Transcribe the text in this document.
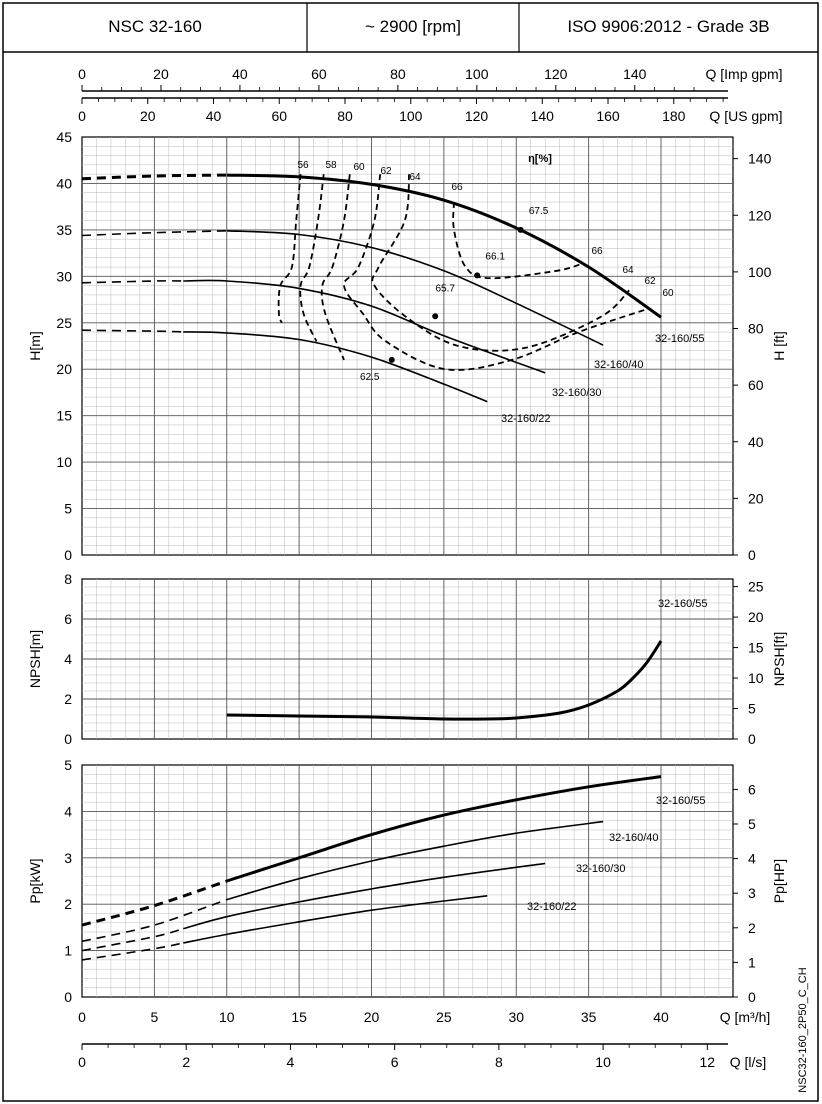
0
5
10
15
20
25
30
35
40
45
0
2
4
6
8
0
1
2
3
4
5
0
20
40
60
80
100
120
140
0
5
10
15
20
25
0
1
2
3
4
5
6
H[m]	H [ft]
NPSH[m]	NPSH[ft]
Pp[kW]	Pp[HP]
0	5	10	15	20	25	30	35	40	Q [m³/h]
0	2	4	6	8	10	12 Q [l/s]
0	20	40	60	80	100	120	140	Q [Imp gpm]
0	20	40	60	80	100	120	140	160	180 Q [US gpm]
32-160/55
32-160/40
32-160/30
32-160/22
56 58 60 62
64
66
66
64
62
60
η[%]
66.1
67.5
65.7
62.5
32-160/55
32-160/55
32-160/40
32-160/30
32-160/22
NSC32-160_2P50_C_CH
NSC 32-160	~ 2900 [rpm]	ISO 9906:2012 - Grade 3B
